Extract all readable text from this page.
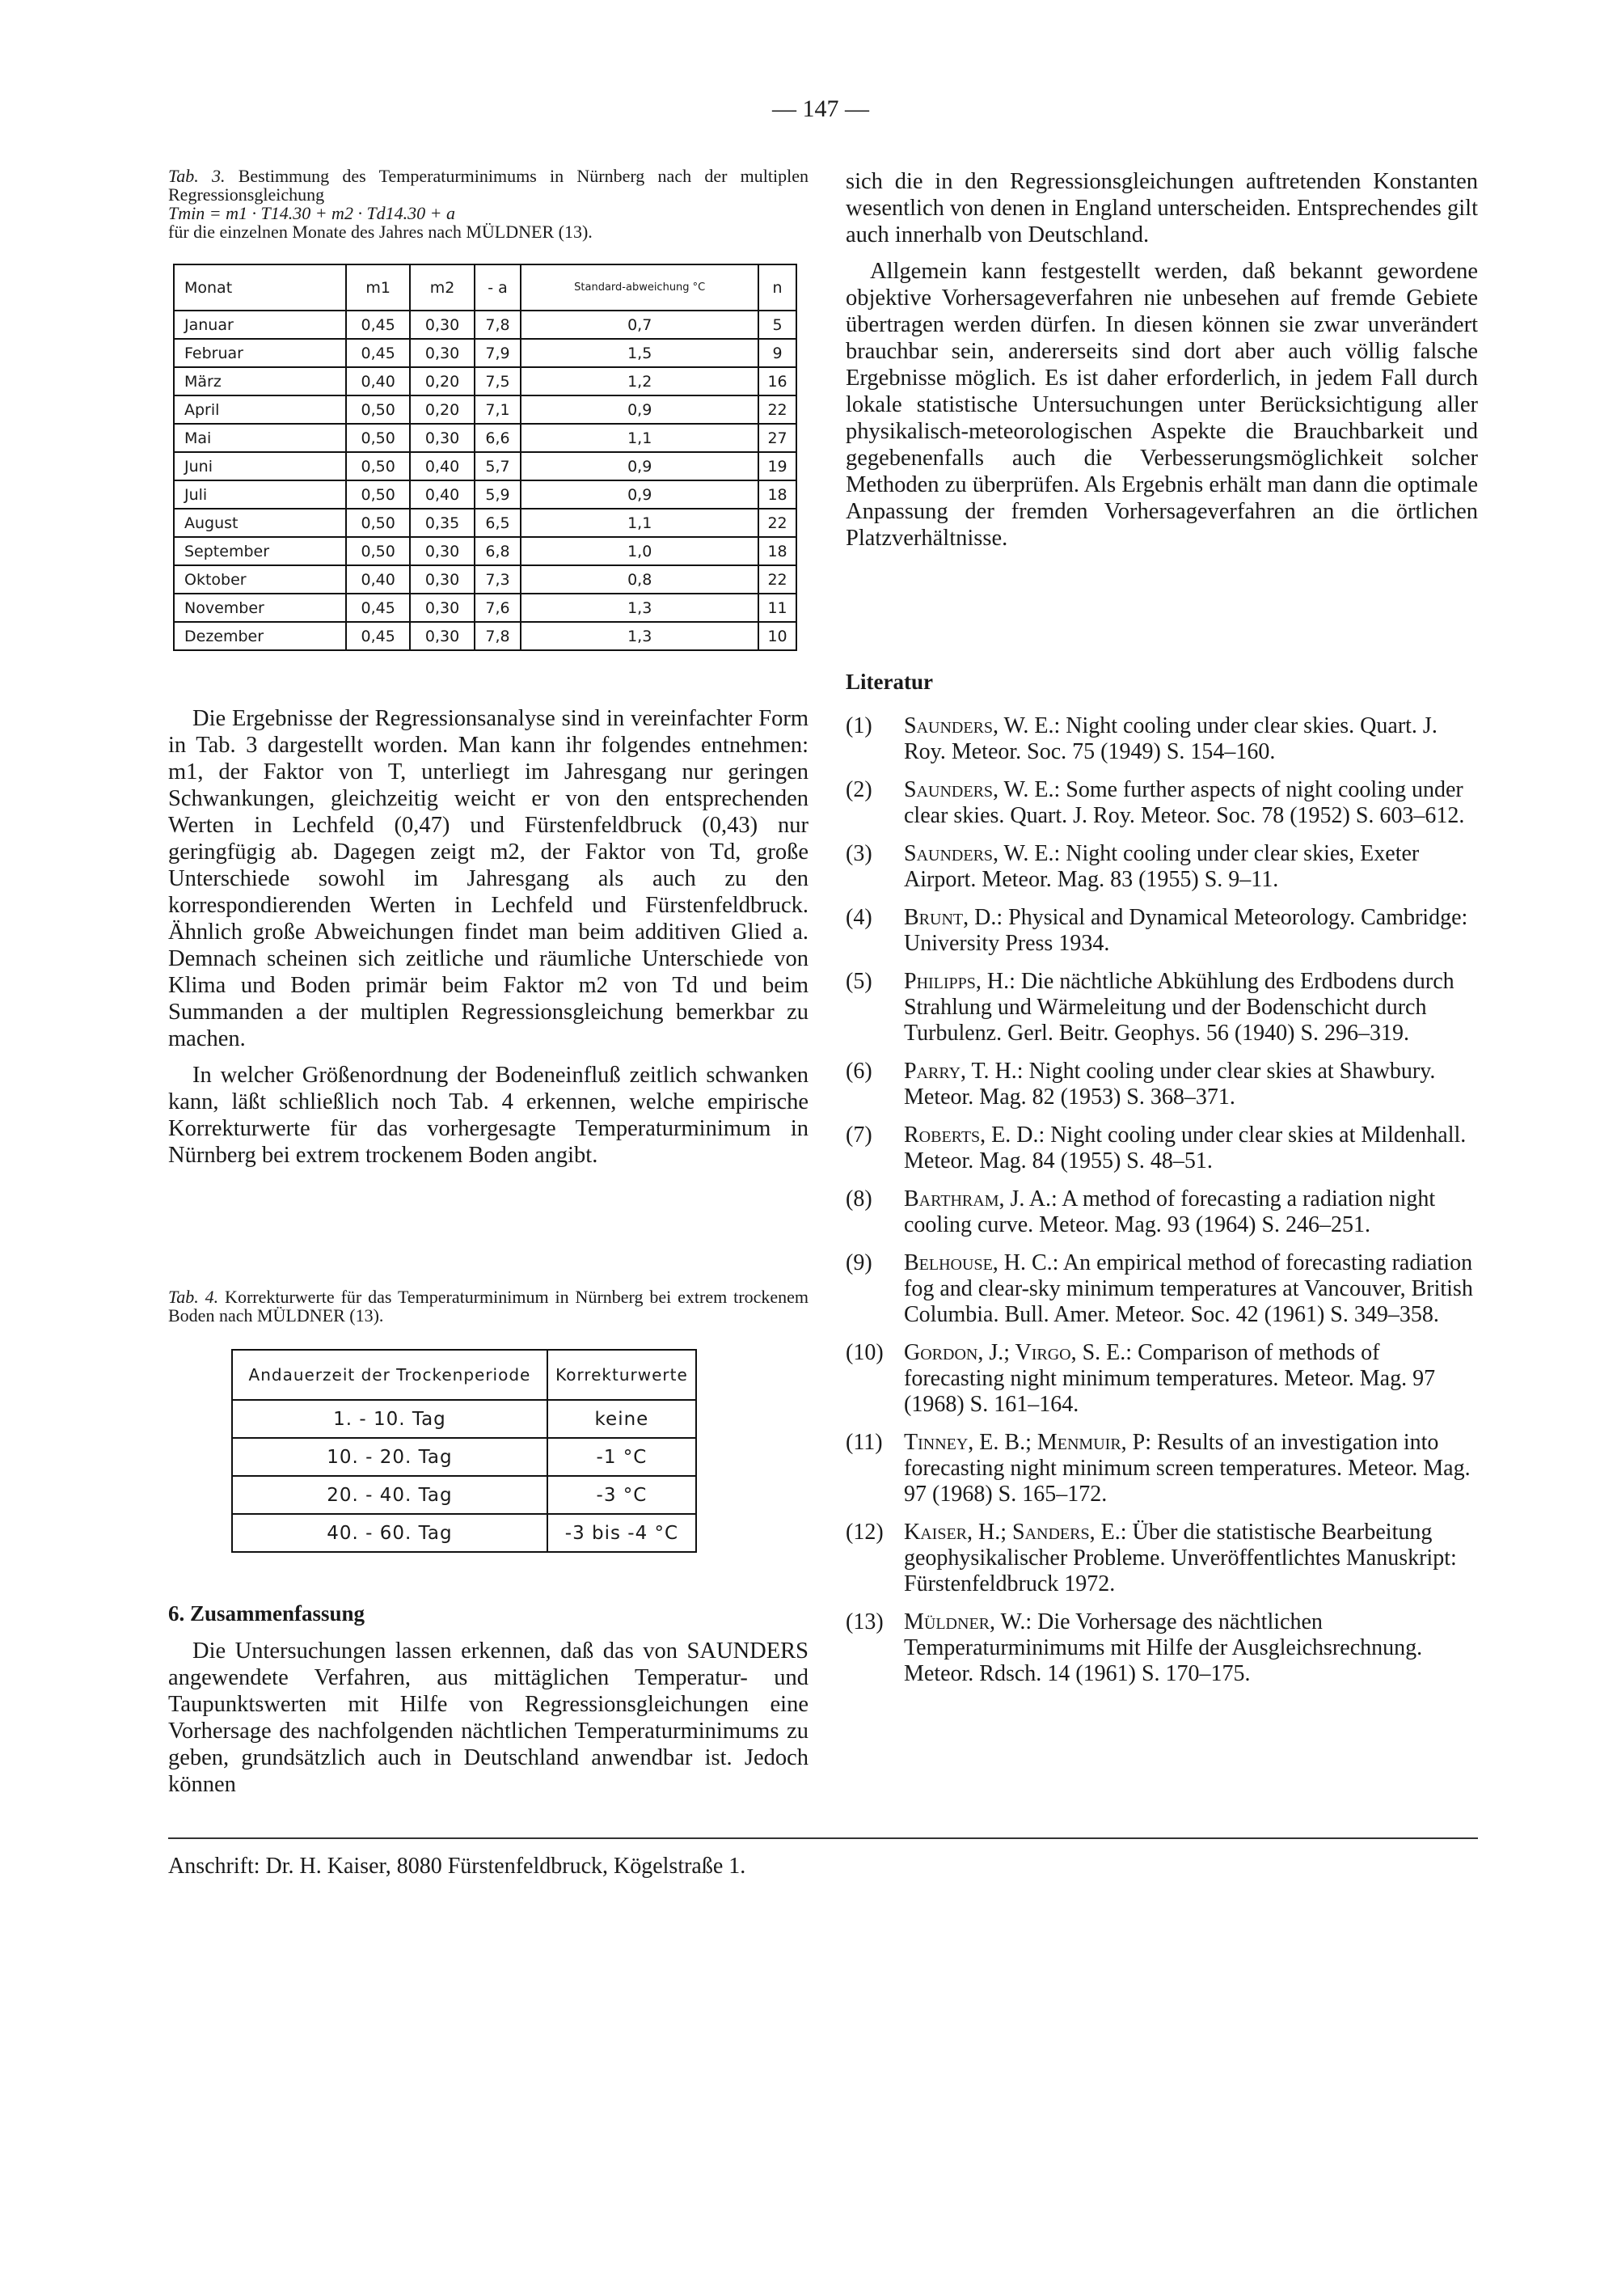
— 147 —
Tab. 3. Bestimmung des Temperaturminimums in Nürnberg nach der multiplen Regressionsgleichung
Tmin = m1 · T14.30 + m2 · Td14.30 + a
für die einzelnen Monate des Jahres nach MÜLDNER (13).
Monat	m1	m2	- a	Standard-abweichung °C	n
Januar	0,45	0,30	7,8	0,7	5
Februar	0,45	0,30	7,9	1,5	9
März	0,40	0,20	7,5	1,2	16
April	0,50	0,20	7,1	0,9	22
Mai	0,50	0,30	6,6	1,1	27
Juni	0,50	0,40	5,7	0,9	19
Juli	0,50	0,40	5,9	0,9	18
August	0,50	0,35	6,5	1,1	22
September	0,50	0,30	6,8	1,0	18
Oktober	0,40	0,30	7,3	0,8	22
November	0,45	0,30	7,6	1,3	11
Dezember	0,45	0,30	7,8	1,3	10

Die Ergebnisse der Regressionsanalyse sind in vereinfachter Form in Tab. 3 dargestellt worden. Man kann ihr folgendes entnehmen: m1, der Faktor von T, unterliegt im Jahresgang nur geringen Schwankungen, gleichzeitig weicht er von den entsprechenden Werten in Lechfeld (0,47) und Fürstenfeldbruck (0,43) nur geringfügig ab. Dagegen zeigt m2, der Faktor von Td, große Unterschiede sowohl im Jahresgang als auch zu den korrespondierenden Werten in Lechfeld und Fürstenfeldbruck. Ähnlich große Abweichungen findet man beim additiven Glied a. Demnach scheinen sich zeitliche und räumliche Unterschiede von Klima und Boden primär beim Faktor m2 von Td und beim Summanden a der multiplen Regressionsgleichung bemerkbar zu machen.

In welcher Größenordnung der Bodeneinfluß zeitlich schwanken kann, läßt schließlich noch Tab. 4 erkennen, welche empirische Korrekturwerte für das vorhergesagte Temperaturminimum in Nürnberg bei extrem trockenem Boden angibt.

Tab. 4. Korrekturwerte für das Temperaturminimum in Nürnberg bei extrem trockenem Boden nach MÜLDNER (13).
Andauerzeit der Trockenperiode	Korrekturwerte
1. - 10. Tag	keine
10. - 20. Tag	-1 °C
20. - 40. Tag	-3 °C
40. - 60. Tag	-3 bis -4 °C
6. Zusammenfassung

Die Untersuchungen lassen erkennen, daß das von SAUNDERS angewendete Verfahren, aus mittäglichen Temperatur- und Taupunktswerten mit Hilfe von Regressionsgleichungen eine Vorhersage des nachfolgenden nächtlichen Temperaturminimums zu geben, grundsätzlich auch in Deutschland anwendbar ist. Jedoch können

sich die in den Regressionsgleichungen auftretenden Konstanten wesentlich von denen in England unterscheiden. Entsprechendes gilt auch innerhalb von Deutschland.

Allgemein kann festgestellt werden, daß bekannt gewordene objektive Vorhersageverfahren nie unbesehen auf fremde Gebiete übertragen werden dürfen. In diesen können sie zwar unverändert brauchbar sein, andererseits sind dort aber auch völlig falsche Ergebnisse möglich. Es ist daher erforderlich, in jedem Fall durch lokale statistische Untersuchungen unter Berücksichtigung aller physikalisch-meteorologischen Aspekte die Brauchbarkeit und gegebenenfalls auch die Verbesserungsmöglichkeit solcher Methoden zu überprüfen. Als Ergebnis erhält man dann die optimale Anpassung der fremden Vorhersageverfahren an die örtlichen Platzverhältnisse.

Literatur
(1)	Saunders, W. E.: Night cooling under clear skies. Quart. J. Roy. Meteor. Soc. 75 (1949) S. 154–160.
(2)	Saunders, W. E.: Some further aspects of night cooling under clear skies. Quart. J. Roy. Meteor. Soc. 78 (1952) S. 603–612.
(3)	Saunders, W. E.: Night cooling under clear skies, Exeter Airport. Meteor. Mag. 83 (1955) S. 9–11.
(4)	Brunt, D.: Physical and Dynamical Meteorology. Cambridge: University Press 1934.
(5)	Philipps, H.: Die nächtliche Abkühlung des Erdbodens durch Strahlung und Wärmeleitung und der Bodenschicht durch Turbulenz. Gerl. Beitr. Geophys. 56 (1940) S. 296–319.
(6)	Parry, T. H.: Night cooling under clear skies at Shawbury. Meteor. Mag. 82 (1953) S. 368–371.
(7)	Roberts, E. D.: Night cooling under clear skies at Mildenhall. Meteor. Mag. 84 (1955) S. 48–51.
(8)	Barthram, J. A.: A method of forecasting a radiation night cooling curve. Meteor. Mag. 93 (1964) S. 246–251.
(9)	Belhouse, H. C.: An empirical method of forecasting radiation fog and clear-sky minimum temperatures at Vancouver, British Columbia. Bull. Amer. Meteor. Soc. 42 (1961) S. 349–358.
(10) Gordon, J.; Virgo, S. E.: Comparison of methods of forecasting night minimum temperatures. Meteor. Mag. 97 (1968) S. 161–164.
(11) Tinney, E. B.; Menmuir, P: Results of an investigation into forecasting night minimum screen temperatures. Meteor. Mag. 97 (1968) S. 165–172.
(12) Kaiser, H.; Sanders, E.: Über die statistische Bearbeitung geophysikalischer Probleme. Unveröffentlichtes Manuskript: Fürstenfeldbruck 1972.
(13) Müldner, W.: Die Vorhersage des nächtlichen Temperaturminimums mit Hilfe der Ausgleichsrechnung. Meteor. Rdsch. 14 (1961) S. 170–175.
Anschrift: Dr. H. Kaiser, 8080 Fürstenfeldbruck, Kögelstraße 1.
